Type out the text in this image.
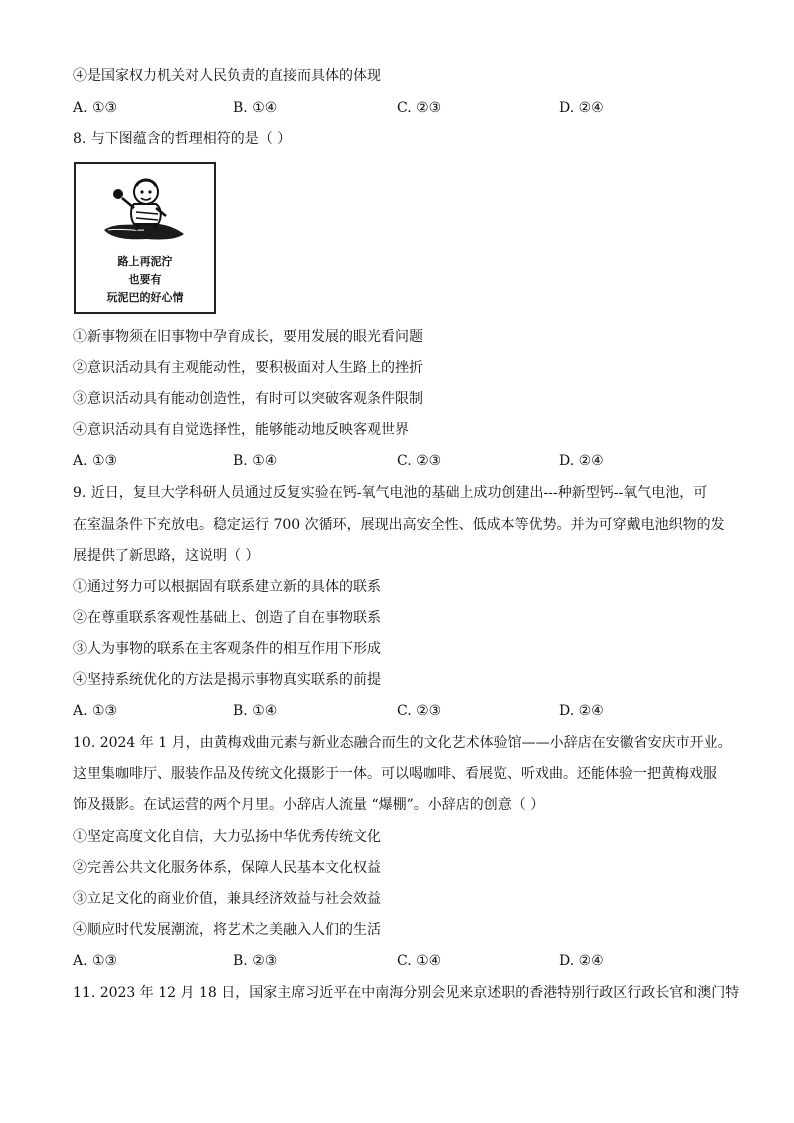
④是国家权力机关对人民负责的直接而具体的体现
A. ①③	B. ①④	C. ②③	D. ②④
8. 与下图蕴含的哲理相符的是（ ）
路上再泥泞
也要有
玩泥巴的好心情
①新事物须在旧事物中孕育成长，要用发展的眼光看问题
②意识活动具有主观能动性，要积极面对人生路上的挫折
③意识活动具有能动创造性，有时可以突破客观条件限制
④意识活动具有自觉选择性，能够能动地反映客观世界
A. ①③	B. ①④	C. ②③	D. ②④
9. 近日，复旦大学科研人员通过反复实验在钙-氧气电池的基础上成功创建出---种新型钙--氧气电池，可
在室温条件下充放电。稳定运行 700 次循环，展现出高安全性、低成本等优势。并为可穿戴电池织物的发
展提供了新思路，这说明（ ）
①通过努力可以根据固有联系建立新的具体的联系
②在尊重联系客观性基础上、创造了自在事物联系
③人为事物的联系在主客观条件的相互作用下形成
④坚持系统优化的方法是揭示事物真实联系的前提
A. ①③	B. ①④	C. ②③	D. ②④
10. 2024 年 1 月，由黄梅戏曲元素与新业态融合而生的文化艺术体验馆——小辞店在安徽省安庆市开业。
这里集咖啡厅、服装作品及传统文化摄影于一体。可以喝咖啡、看展览、听戏曲。还能体验一把黄梅戏服
饰及摄影。在试运营的两个月里。小辞店人流量 “爆棚”。小辞店的创意（ ）
①坚定高度文化自信，大力弘扬中华优秀传统文化
②完善公共文化服务体系，保障人民基本文化权益
③立足文化的商业价值，兼具经济效益与社会效益
④顺应时代发展潮流，将艺术之美融入人们的生活
A. ①③	B. ②③	C. ①④	D. ②④
11. 2023 年 12 月 18 日，国家主席习近平在中南海分别会见来京述职的香港特别行政区行政长官和澳门特
